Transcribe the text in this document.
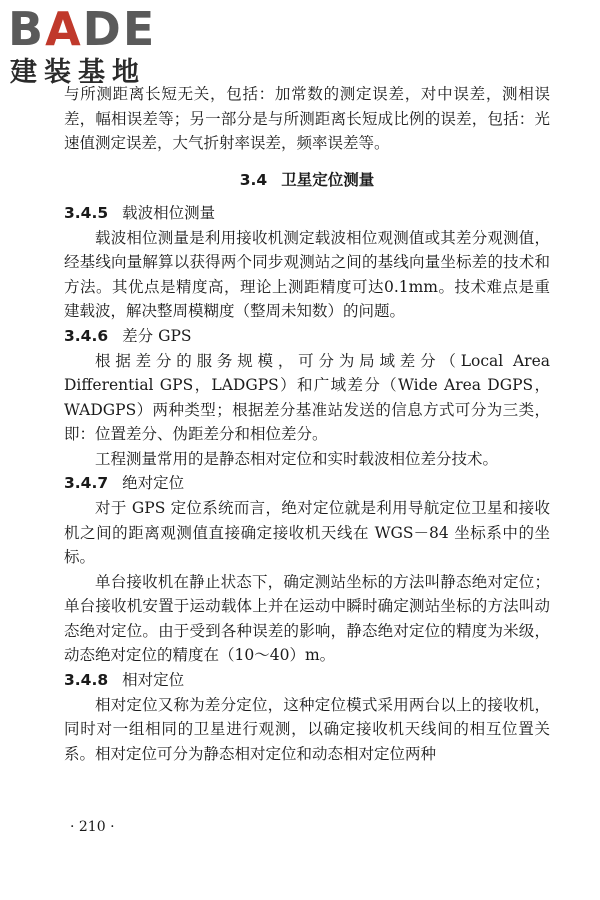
BADE
建装基地

与所测距离长短无关，包括：加常数的测定误差，对中误差，测相误差，幅相误差等；另一部分是与所测距离长短成比例的误差，包括：光速值测定误差，大气折射率误差，频率误差等。

3.4 卫星定位测量
3.4.5 载波相位测量

载波相位测量是利用接收机测定载波相位观测值或其差分观测值，经基线向量解算以获得两个同步观测站之间的基线向量坐标差的技术和方法。其优点是精度高，理论上测距精度可达0.1mm。技术难点是重建载波，解决整周模糊度（整周未知数）的问题。

3.4.6 差分 GPS

根据差分的服务规模，可分为局域差分（Local Area Differential GPS，LADGPS）和广域差分（Wide Area DGPS，WADGPS）两种类型；根据差分基准站发送的信息方式可分为三类，即：位置差分、伪距差分和相位差分。

工程测量常用的是静态相对定位和实时载波相位差分技术。

3.4.7 绝对定位

对于 GPS 定位系统而言，绝对定位就是利用导航定位卫星和接收机之间的距离观测值直接确定接收机天线在 WGS－84 坐标系中的坐标。

单台接收机在静止状态下，确定测站坐标的方法叫静态绝对定位；单台接收机安置于运动载体上并在运动中瞬时确定测站坐标的方法叫动态绝对定位。由于受到各种误差的影响，静态绝对定位的精度为米级，动态绝对定位的精度在（10～40）m。

3.4.8 相对定位

相对定位又称为差分定位，这种定位模式采用两台以上的接收机，同时对一组相同的卫星进行观测，以确定接收机天线间的相互位置关系。相对定位可分为静态相对定位和动态相对定位两种

· 210 ·
